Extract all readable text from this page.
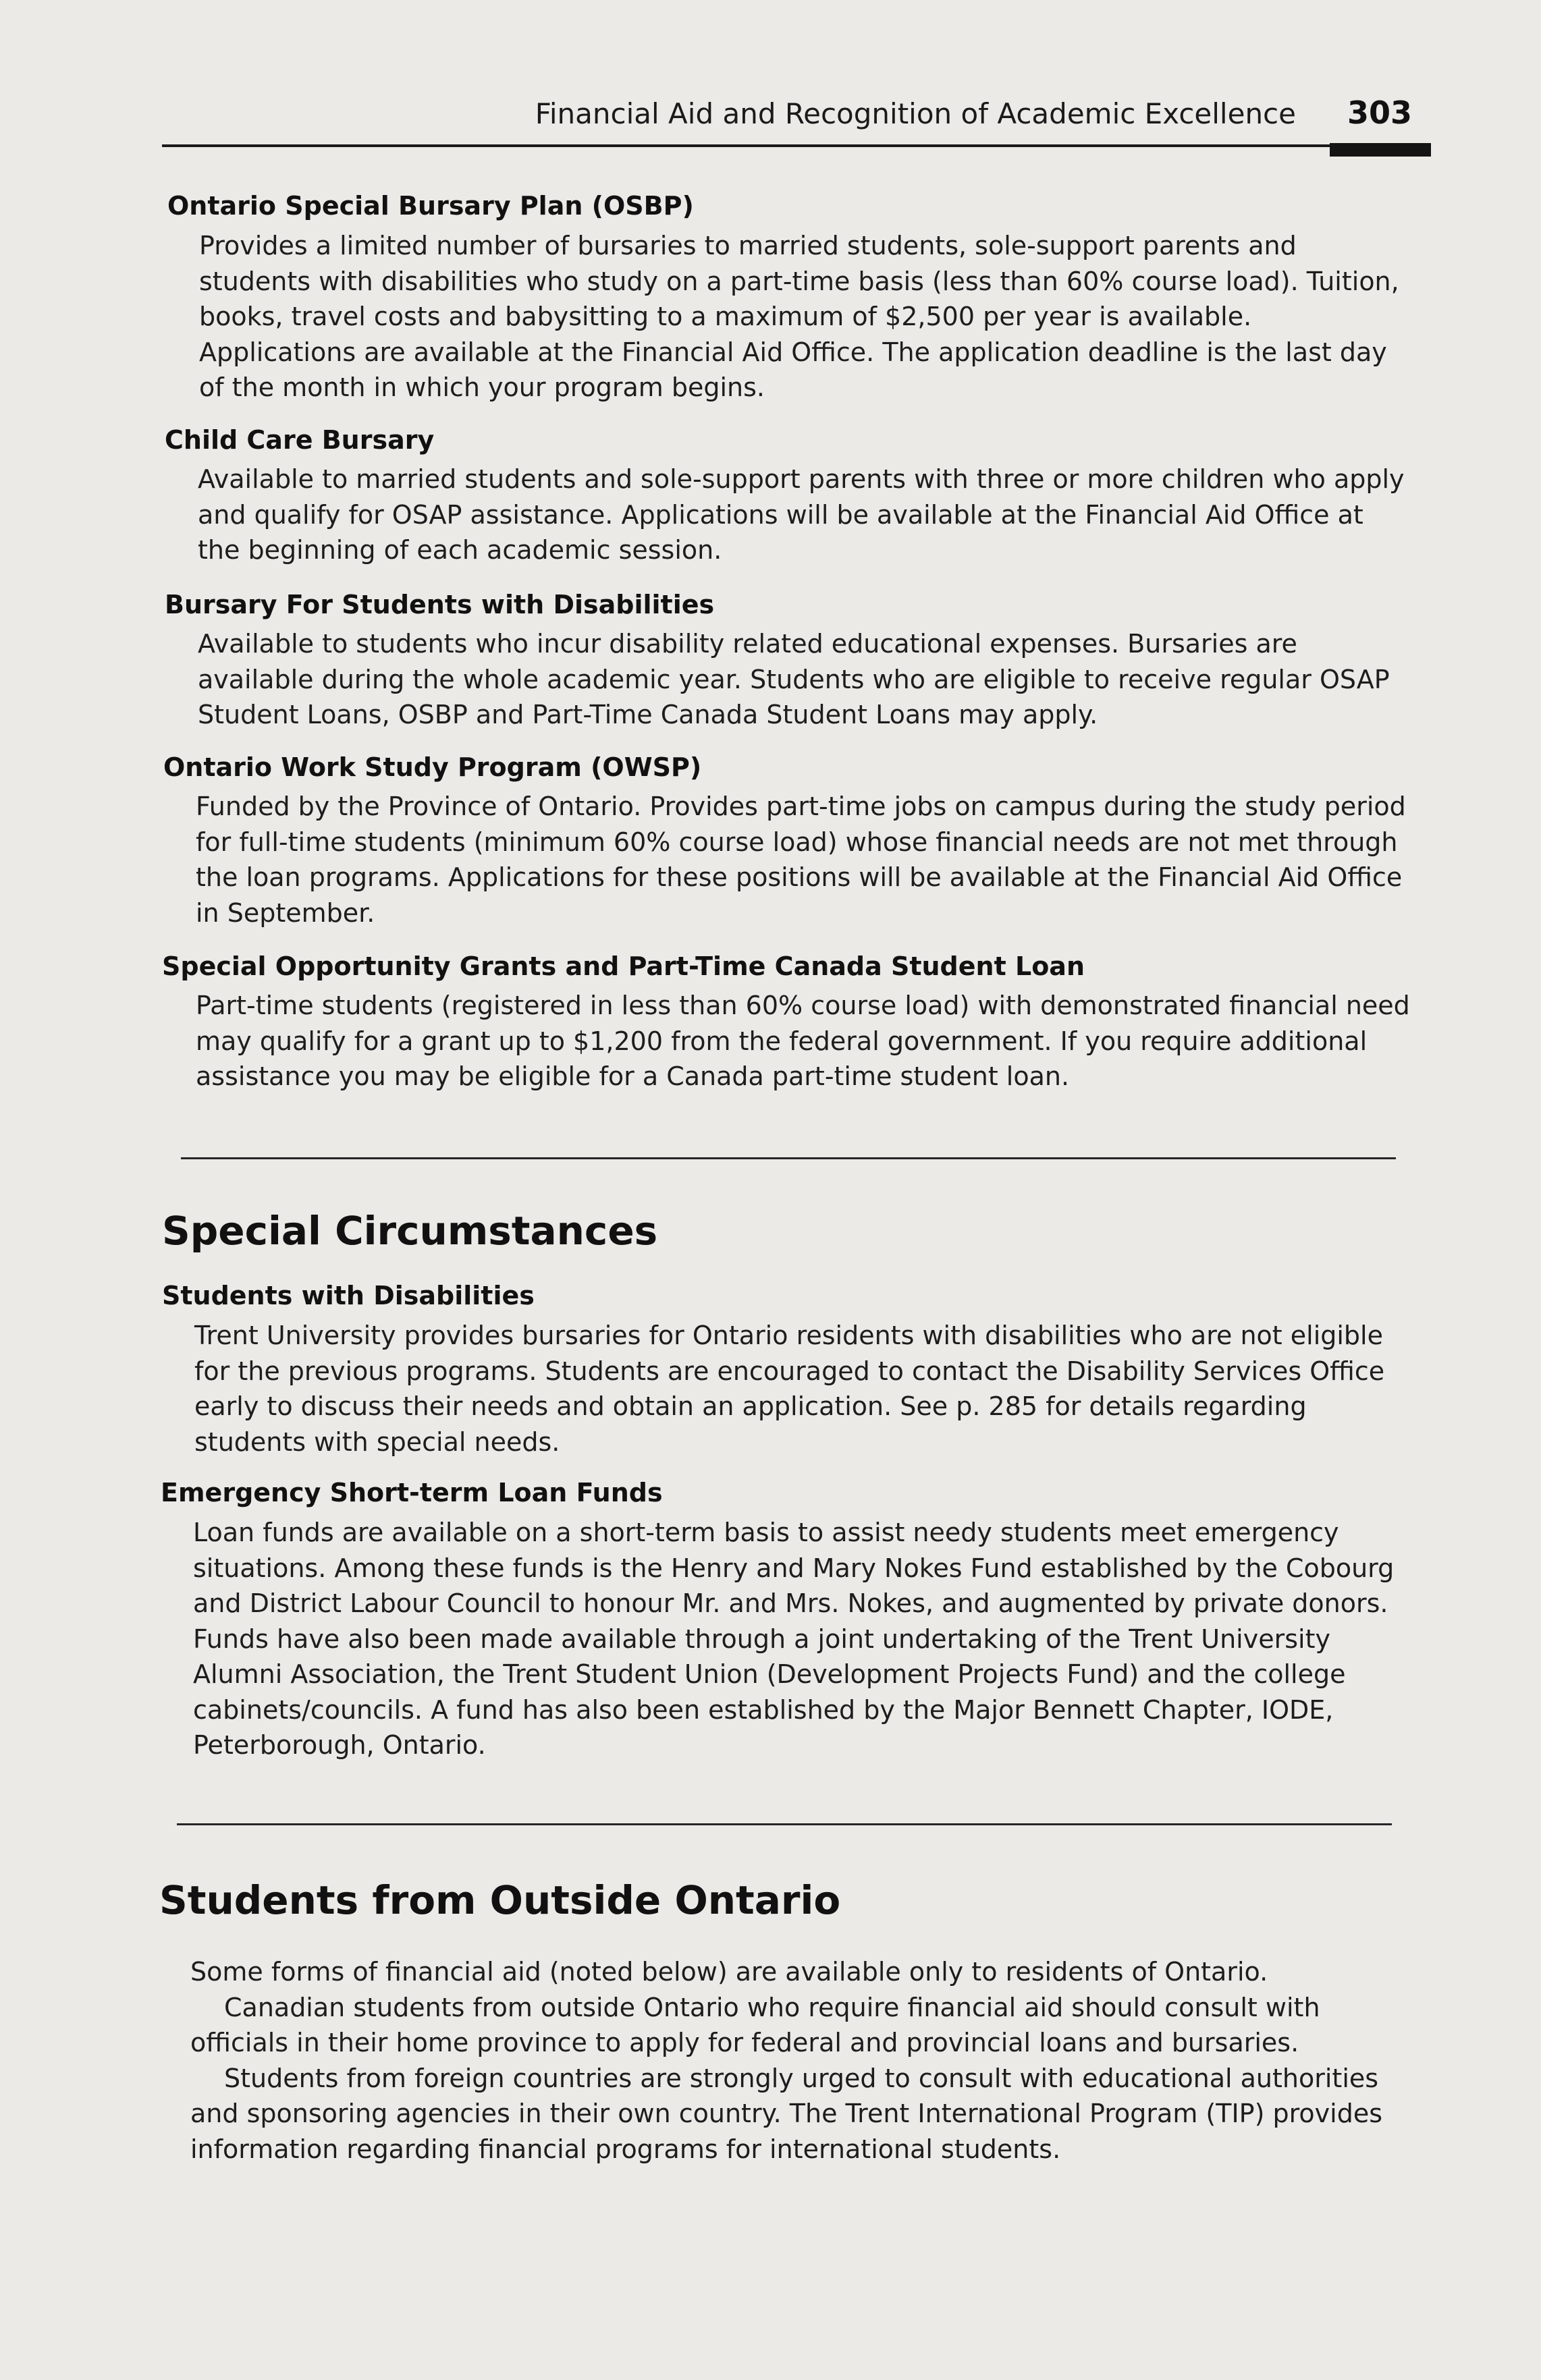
Financial Aid and Recognition of Academic Excellence 303
Ontario Special Bursary Plan (OSBP)
Provides a limited number of bursaries to married students, sole-support parents and students with disabilities who study on a part-time basis (less than 60% course load). Tuition, books, travel costs and babysitting to a maximum of $2,500 per year is available. Applications are available at the Financial Aid Office. The application deadline is the last day of the month in which your program begins.
Child Care Bursary
Available to married students and sole-support parents with three or more children who apply and qualify for OSAP assistance. Applications will be available at the Financial Aid Office at the beginning of each academic session.
Bursary For Students with Disabilities
Available to students who incur disability related educational expenses. Bursaries are available during the whole academic year. Students who are eligible to receive regular OSAP Student Loans, OSBP and Part-Time Canada Student Loans may apply.
Ontario Work Study Program (OWSP)
Funded by the Province of Ontario. Provides part-time jobs on campus during the study period for full-time students (minimum 60% course load) whose financial needs are not met through the loan programs. Applications for these positions will be available at the Financial Aid Office in September.
Special Opportunity Grants and Part-Time Canada Student Loan
Part-time students (registered in less than 60% course load) with demonstrated financial need may qualify for a grant up to $1,200 from the federal government. If you require additional assistance you may be eligible for a Canada part-time student loan.
Special Circumstances
Students with Disabilities
Trent University provides bursaries for Ontario residents with disabilities who are not eligible for the previous programs. Students are encouraged to contact the Disability Services Office early to discuss their needs and obtain an application. See p. 285 for details regarding students with special needs.
Emergency Short-term Loan Funds
Loan funds are available on a short-term basis to assist needy students meet emergency situations. Among these funds is the Henry and Mary Nokes Fund established by the Cobourg and District Labour Council to honour Mr. and Mrs. Nokes, and augmented by private donors. Funds have also been made available through a joint undertaking of the Trent University Alumni Association, the Trent Student Union (Development Projects Fund) and the college cabinets/councils. A fund has also been established by the Major Bennett Chapter, IODE, Peterborough, Ontario.
Students from Outside Ontario

Some forms of financial aid (noted below) are available only to residents of Ontario.

Canadian students from outside Ontario who require financial aid should consult with officials in their home province to apply for federal and provincial loans and bursaries.

Students from foreign countries are strongly urged to consult with educational authorities and sponsoring agencies in their own country. The Trent International Program (TIP) provides information regarding financial programs for international students.
